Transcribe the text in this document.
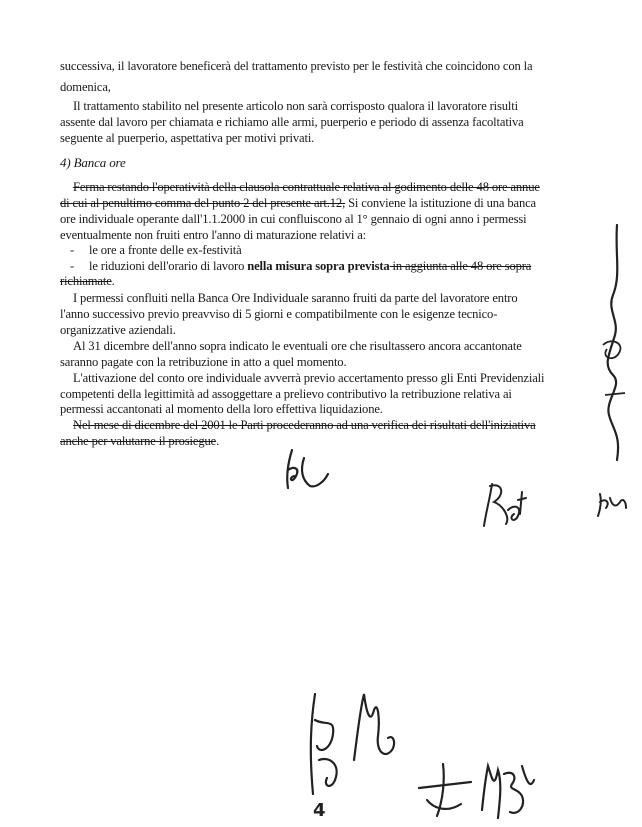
successiva, il lavoratore beneficerà del trattamento previsto per le festività che coincidono con la
domenica,
Il trattamento stabilito nel presente articolo non sarà corrisposto qualora il lavoratore risulti
assente dal lavoro per chiamata e richiamo alle armi, puerperio e periodo di assenza facoltativa
seguente al puerperio, aspettativa per motivi privati.
4) Banca ore
Ferma restando l'operatività della clausola contrattuale relativa al godimento delle 48 ore annue
di cui al penultimo comma del punto 2 del presente art.12, Si conviene la istituzione di una banca
ore individuale operante dall'1.1.2000 in cui confluiscono al 1° gennaio di ogni anno i permessi
eventualmente non fruiti entro l'anno di maturazione relativi a:
- le ore a fronte delle ex-festività
- le riduzioni dell'orario di lavoro nella misura sopra prevista in aggiunta alle 48 ore sopra
richiamate.
I permessi confluiti nella Banca Ore Individuale saranno fruiti da parte del lavoratore entro
l'anno successivo previo preavviso di 5 giorni e compatibilmente con le esigenze tecnico-
organizzative aziendali.
Al 31 dicembre dell'anno sopra indicato le eventuali ore che risultassero ancora accantonate
saranno pagate con la retribuzione in atto a quel momento.
L'attivazione del conto ore individuale avverrà previo accertamento presso gli Enti Previdenziali
competenti della legittimità ad assoggettare a prelievo contributivo la retribuzione relativa ai
permessi accantonati al momento della loro effettiva liquidazione.
Nel mese di dicembre del 2001 le Parti procederanno ad una verifica dei risultati dell'iniziativa
anche per valutarne il prosiegue.
4
